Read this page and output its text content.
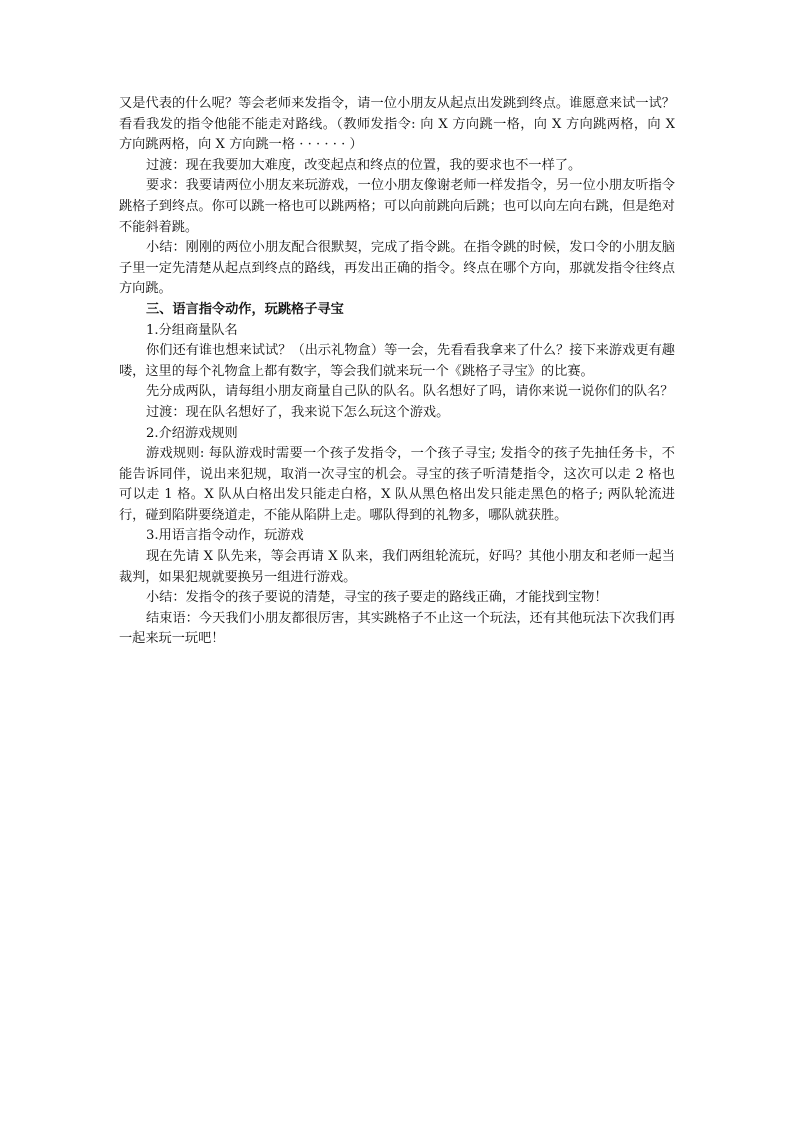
又是代表的什么呢？等会老师来发指令，请一位小朋友从起点出发跳到终点。谁愿意来试一试？看看我发的指令他能不能走对路线。（教师发指令: 向 X 方向跳一格，向 X 方向跳两格，向 X 方向跳两格，向 X 方向跳一格 · · · · · · ）

过渡：现在我要加大难度，改变起点和终点的位置，我的要求也不一样了。

要求：我要请两位小朋友来玩游戏，一位小朋友像谢老师一样发指令，另一位小朋友听指令跳格子到终点。你可以跳一格也可以跳两格；可以向前跳向后跳；也可以向左向右跳，但是绝对不能斜着跳。

小结：刚刚的两位小朋友配合很默契，完成了指令跳。在指令跳的时候，发口令的小朋友脑子里一定先清楚从起点到终点的路线，再发出正确的指令。终点在哪个方向，那就发指令往终点方向跳。

三、语言指令动作，玩跳格子寻宝

1.分组商量队名

你们还有谁也想来试试？（出示礼物盒）等一会，先看看我拿来了什么？接下来游戏更有趣喽，这里的每个礼物盒上都有数字，等会我们就来玩一个《跳格子寻宝》的比赛。

先分成两队，请每组小朋友商量自己队的队名。队名想好了吗，请你来说一说你们的队名？

过渡：现在队名想好了，我来说下怎么玩这个游戏。

2.介绍游戏规则

游戏规则: 每队游戏时需要一个孩子发指令，一个孩子寻宝; 发指令的孩子先抽任务卡，不能告诉同伴，说出来犯规，取消一次寻宝的机会。寻宝的孩子听清楚指令，这次可以走 2 格也可以走 1 格。X 队从白格出发只能走白格，X 队从黑色格出发只能走黑色的格子; 两队轮流进行，碰到陷阱要绕道走，不能从陷阱上走。哪队得到的礼物多，哪队就获胜。

3.用语言指令动作，玩游戏

现在先请 X 队先来，等会再请 X 队来，我们两组轮流玩，好吗？其他小朋友和老师一起当裁判，如果犯规就要换另一组进行游戏。

小结：发指令的孩子要说的清楚，寻宝的孩子要走的路线正确，才能找到宝物！

结束语：今天我们小朋友都很厉害，其实跳格子不止这一个玩法，还有其他玩法下次我们再一起来玩一玩吧！
